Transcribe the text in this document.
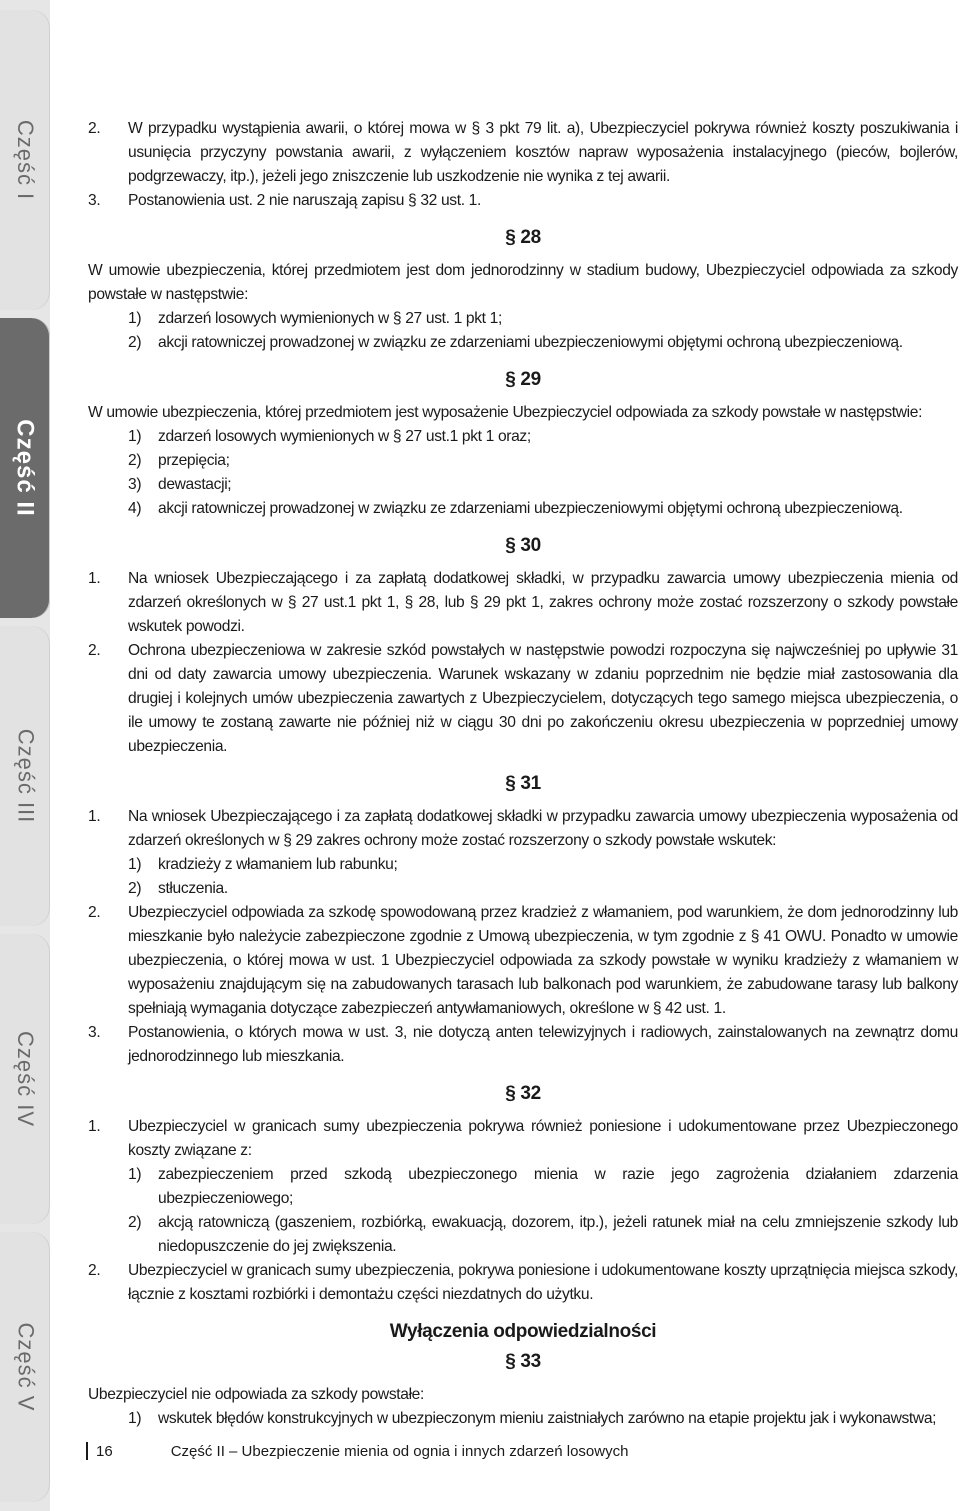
Część I
Część II
Część III
Część IV
Część V
2.	W przypadku wystąpienia awarii, o której mowa w § 3 pkt 79 lit. a), Ubezpieczyciel pokrywa również koszty poszukiwania i usunięcia przyczyny powstania awarii, z wyłączeniem kosztów napraw wyposażenia instalacyjnego (pieców, bojlerów, podgrzewaczy, itp.), jeżeli jego zniszczenie lub uszkodzenie nie wynika z tej awarii.
3.	Postanowienia ust. 2 nie naruszają zapisu § 32 ust. 1.
§ 28

W umowie ubezpieczenia, której przedmiotem jest dom jednorodzinny w stadium budowy, Ubezpieczyciel odpowiada za szkody powstałe w następstwie:

1)	zdarzeń losowych wymienionych w § 27 ust. 1 pkt 1;
2)	akcji ratowniczej prowadzonej w związku ze zdarzeniami ubezpieczeniowymi objętymi ochroną ubezpieczeniową.
§ 29

W umowie ubezpieczenia, której przedmiotem jest wyposażenie Ubezpieczyciel odpowiada za szkody powstałe w następstwie:

1)	zdarzeń losowych wymienionych w § 27 ust.1 pkt 1 oraz;
2)	przepięcia;
3)	dewastacji;
4)	akcji ratowniczej prowadzonej w związku ze zdarzeniami ubezpieczeniowymi objętymi ochroną ubezpieczeniową.
§ 30
1.	Na wniosek Ubezpieczającego i za zapłatą dodatkowej składki, w przypadku zawarcia umowy ubezpieczenia mienia od zdarzeń określonych w § 27 ust.1 pkt 1, § 28, lub § 29 pkt 1, zakres ochrony może zostać rozszerzony o szkody powstałe wskutek powodzi.
2.	Ochrona ubezpieczeniowa w zakresie szkód powstałych w następstwie powodzi rozpoczyna się najwcześniej po upływie 31 dni od daty zawarcia umowy ubezpieczenia. Warunek wskazany w zdaniu poprzednim nie będzie miał zastosowania dla drugiej i kolejnych umów ubezpieczenia zawartych z Ubezpieczycielem, dotyczących tego samego miejsca ubezpieczenia, o ile umowy te zostaną zawarte nie później niż w ciągu 30 dni po zakończeniu okresu ubezpieczenia w poprzedniej umowy ubezpieczenia.
§ 31
1.	Na wniosek Ubezpieczającego i za zapłatą dodatkowej składki w przypadku zawarcia umowy ubezpieczenia wyposażenia od zdarzeń określonych w § 29 zakres ochrony może zostać rozszerzony o szkody powstałe wskutek:
1)	kradzieży z włamaniem lub rabunku;
2)	stłuczenia.
2.	Ubezpieczyciel odpowiada za szkodę spowodowaną przez kradzież z włamaniem, pod warunkiem, że dom jednorodzinny lub mieszkanie było należycie zabezpieczone zgodnie z Umową ubezpieczenia, w tym zgodnie z § 41 OWU. Ponadto w umowie ubezpieczenia, o której mowa w ust. 1 Ubezpieczyciel odpowiada za szkody powstałe w wyniku kradzieży z włamaniem w wyposażeniu znajdującym się na zabudowanych tarasach lub balkonach pod warunkiem, że zabudowane tarasy lub balkony spełniają wymagania dotyczące zabezpieczeń antywłamaniowych, określone w § 42 ust. 1.
3.	Postanowienia, o których mowa w ust. 3, nie dotyczą anten telewizyjnych i radiowych, zainstalowanych na zewnątrz domu jednorodzinnego lub mieszkania.
§ 32
1.	Ubezpieczyciel w granicach sumy ubezpieczenia pokrywa również poniesione i udokumentowane przez Ubezpieczonego koszty związane z:
1)	zabezpieczeniem przed szkodą ubezpieczonego mienia w razie jego zagrożenia działaniem zdarzenia ubezpieczeniowego;
2)	akcją ratowniczą (gaszeniem, rozbiórką, ewakuacją, dozorem, itp.), jeżeli ratunek miał na celu zmniejszenie szkody lub niedopuszczenie do jej zwiększenia.
2.	Ubezpieczyciel w granicach sumy ubezpieczenia, pokrywa poniesione i udokumentowane koszty uprzątnięcia miejsca szkody, łącznie z kosztami rozbiórki i demontażu części niezdatnych do użytku.
Wyłączenia odpowiedzialności
§ 33

Ubezpieczyciel nie odpowiada za szkody powstałe:

1)	wskutek błędów konstrukcyjnych w ubezpieczonym mieniu zaistniałych zarówno na etapie projektu jak i wykonawstwa;
16	Część II – Ubezpieczenie mienia od ognia i innych zdarzeń losowych
